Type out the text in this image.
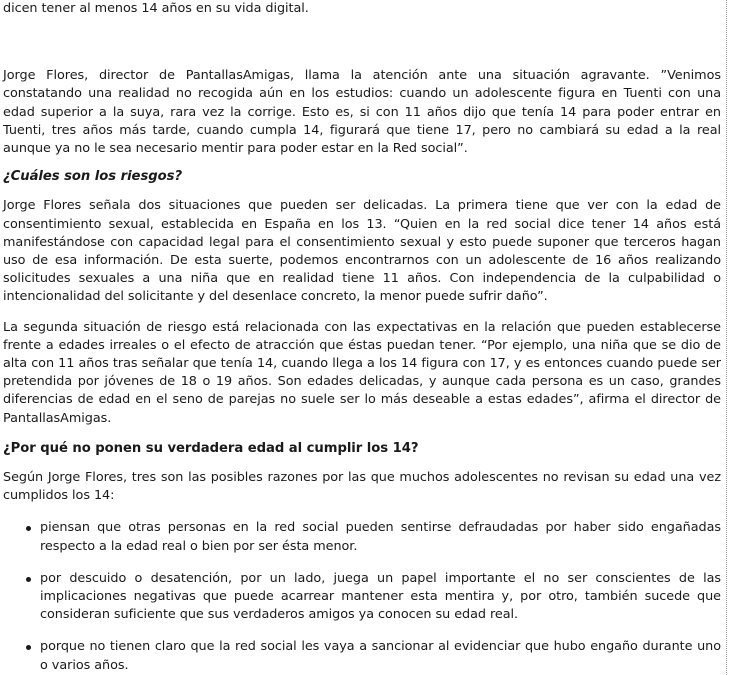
dicen tener al menos 14 años en su vida digital.

Jorge Flores, director de PantallasAmigas, llama la atención ante una situación agravante. ”Venimos constatando una realidad no recogida aún en los estudios: cuando un adolescente figura en Tuenti con una edad superior a la suya, rara vez la corrige. Esto es, si con 11 años dijo que tenía 14 para poder entrar en Tuenti, tres años más tarde, cuando cumpla 14, figurará que tiene 17, pero no cambiará su edad a la real aunque ya no le sea necesario mentir para poder estar en la Red social”.

¿Cuáles son los riesgos?

Jorge Flores señala dos situaciones que pueden ser delicadas. La primera tiene que ver con la edad de consentimiento sexual, establecida en España en los 13. “Quien en la red social dice tener 14 años está manifestándose con capacidad legal para el consentimiento sexual y esto puede suponer que terceros hagan uso de esa información. De esta suerte, podemos encontrarnos con un adolescente de 16 años realizando solicitudes sexuales a una niña que en realidad tiene 11 años. Con independencia de la culpabilidad o intencionalidad del solicitante y del desenlace concreto, la menor puede sufrir daño”.

La segunda situación de riesgo está relacionada con las expectativas en la relación que pueden establecerse frente a edades irreales o el efecto de atracción que éstas puedan tener. “Por ejemplo, una niña que se dio de alta con 11 años tras señalar que tenía 14, cuando llega a los 14 figura con 17, y es entonces cuando puede ser pretendida por jóvenes de 18 o 19 años. Son edades delicadas, y aunque cada persona es un caso, grandes diferencias de edad en el seno de parejas no suele ser lo más deseable a estas edades”, afirma el director de PantallasAmigas.

¿Por qué no ponen su verdadera edad al cumplir los 14?

Según Jorge Flores, tres son las posibles razones por las que muchos adolescentes no revisan su edad una vez cumplidos los 14:

piensan que otras personas en la red social pueden sentirse defraudadas por haber sido engañadas respecto a la edad real o bien por ser ésta menor.
por descuido o desatención, por un lado, juega un papel importante el no ser conscientes de las implicaciones negativas que puede acarrear mantener esta mentira y, por otro, también sucede que consideran suficiente que sus verdaderos amigos ya conocen su edad real.
porque no tienen claro que la red social les vaya a sancionar al evidenciar que hubo engaño durante uno o varios años.
